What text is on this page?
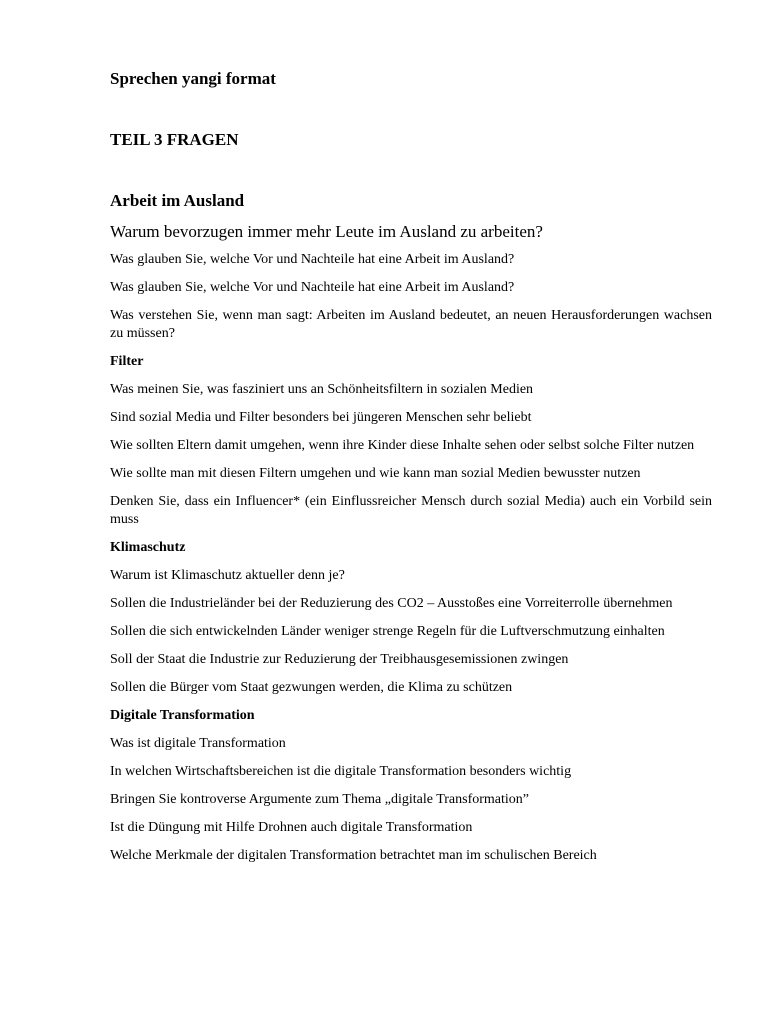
Sprechen yangi format
TEIL 3 FRAGEN
Arbeit im Ausland
Warum bevorzugen immer mehr Leute im Ausland zu arbeiten?
Was glauben Sie, welche Vor und Nachteile hat eine Arbeit im Ausland?
Was glauben Sie, welche Vor und Nachteile hat eine Arbeit im Ausland?
Was verstehen Sie, wenn man sagt: Arbeiten im Ausland bedeutet, an neuen Herausforderungen wachsen zu müssen?
Filter
Was meinen Sie, was fasziniert uns an Schönheitsfiltern in sozialen Medien
Sind sozial Media und Filter besonders bei jüngeren Menschen sehr beliebt
Wie sollten Eltern damit umgehen, wenn ihre Kinder diese Inhalte sehen oder selbst solche Filter nutzen
Wie sollte man mit diesen Filtern umgehen und wie kann man sozial Medien bewusster nutzen
Denken Sie, dass ein Influencer* (ein Einflussreicher Mensch durch sozial Media) auch ein Vorbild sein muss
Klimaschutz
Warum ist Klimaschutz aktueller denn je?
Sollen die Industrieländer bei der Reduzierung des CO2 – Ausstoßes eine Vorreiterrolle übernehmen
Sollen die sich entwickelnden Länder weniger strenge Regeln für die Luftverschmutzung einhalten
Soll der Staat die Industrie zur Reduzierung der Treibhausgesemissionen zwingen
Sollen die Bürger vom Staat gezwungen werden, die Klima zu schützen
Digitale Transformation
Was ist digitale Transformation
In welchen Wirtschaftsbereichen ist die digitale Transformation besonders wichtig
Bringen Sie kontroverse Argumente zum Thema „digitale Transformation”
Ist die Düngung mit Hilfe Drohnen auch digitale Transformation
Welche Merkmale der digitalen Transformation betrachtet man im schulischen Bereich
